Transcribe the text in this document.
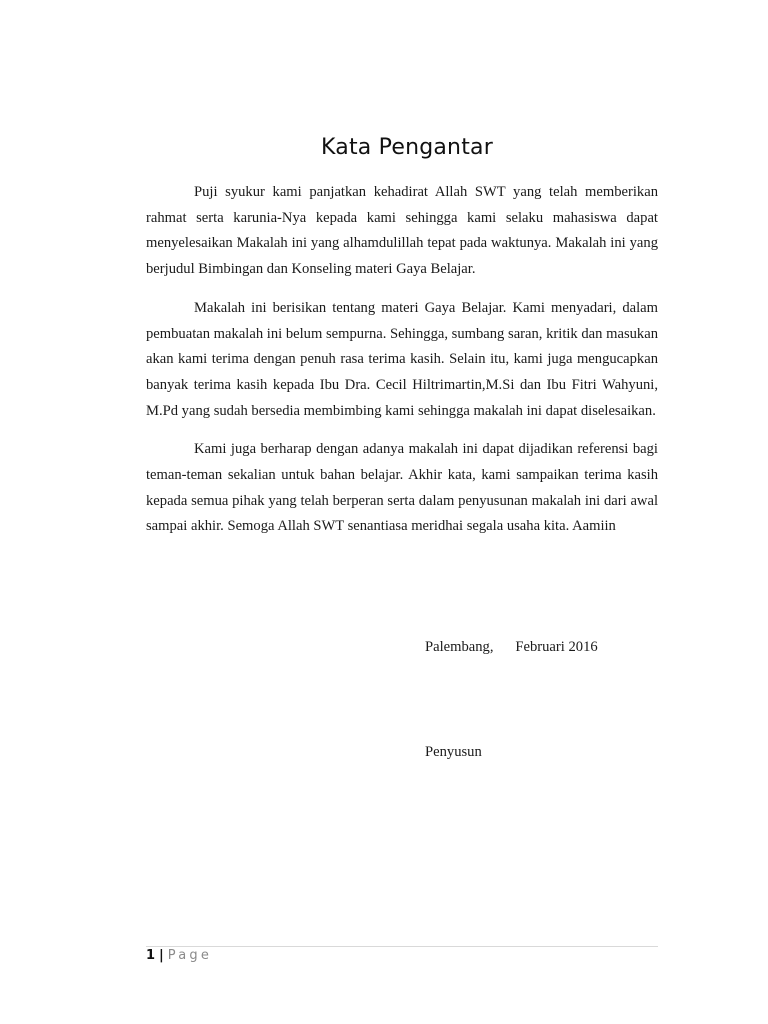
Kata Pengantar

Puji syukur kami panjatkan kehadirat Allah SWT yang telah memberikan rahmat serta karunia-Nya kepada kami sehingga kami selaku mahasiswa dapat menyelesaikan Makalah ini yang alhamdulillah tepat pada waktunya. Makalah ini yang berjudul Bimbingan dan Konseling materi Gaya Belajar.

Makalah ini berisikan tentang materi Gaya Belajar. Kami menyadari, dalam pembuatan makalah ini belum sempurna. Sehingga, sumbang saran, kritik dan masukan akan kami terima dengan penuh rasa terima kasih. Selain itu, kami juga mengucapkan banyak terima kasih kepada Ibu Dra. Cecil Hiltrimartin,M.Si dan Ibu Fitri Wahyuni, M.Pd yang sudah bersedia membimbing kami sehingga makalah ini dapat diselesaikan.

Kami juga berharap dengan adanya makalah ini dapat dijadikan referensi bagi teman-teman sekalian untuk bahan belajar. Akhir kata, kami sampaikan terima kasih kepada semua pihak yang telah berperan serta dalam penyusunan makalah ini dari awal sampai akhir. Semoga Allah SWT senantiasa meridhai segala usaha kita. Aamiin

Palembang,      Februari 2016
Penyusun
1 | Page
